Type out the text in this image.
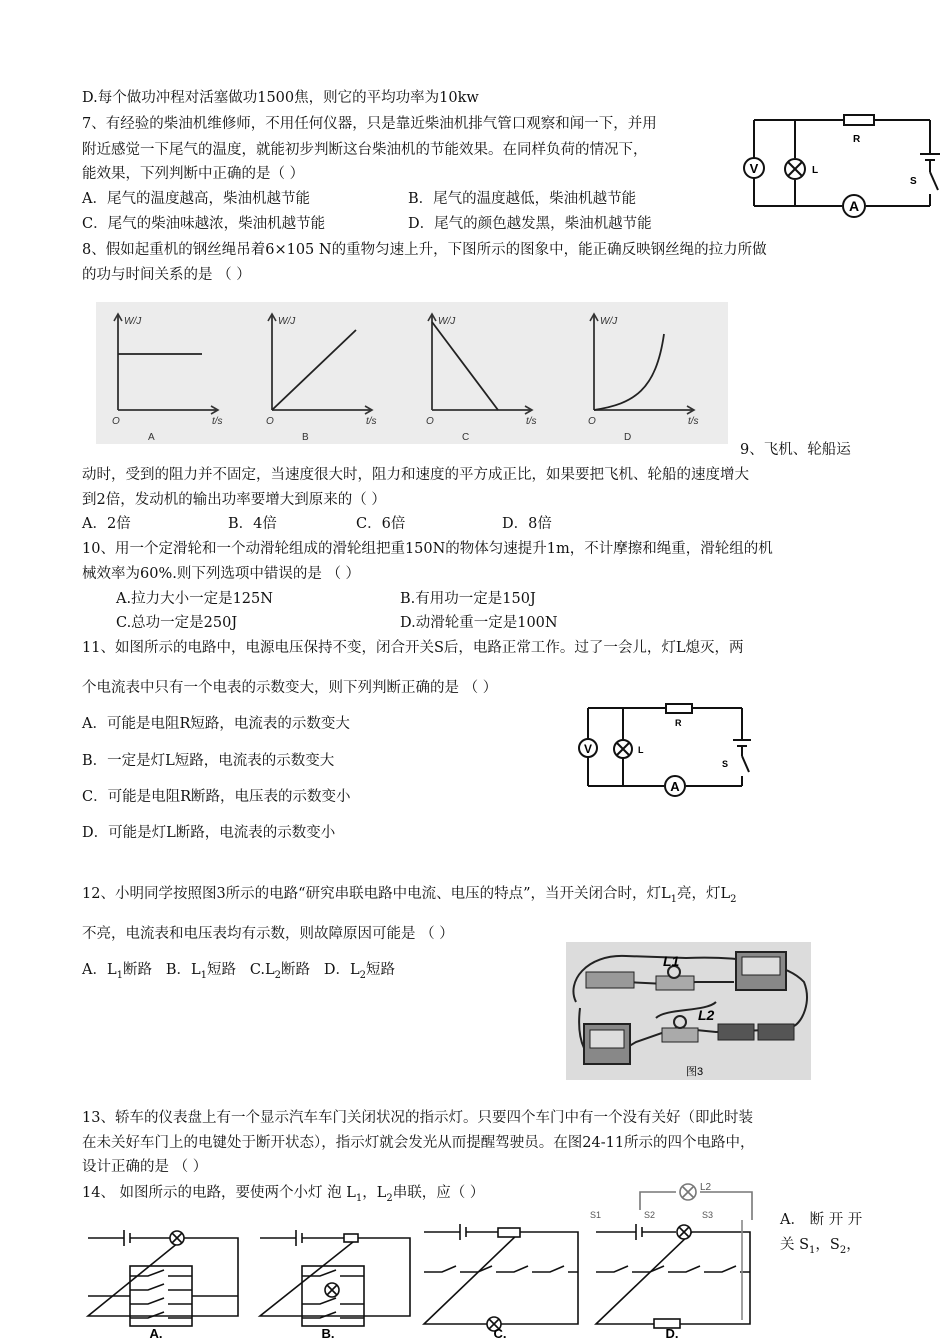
D.每个做功冲程对活塞做功1500焦，则它的平均功率为10kw
7、有经验的柴油机维修师，不用任何仪器，只是靠近柴油机排气管口观察和闻一下，并用
附近感觉一下尾气的温度，就能初步判断这台柴油机的节能效果。在同样负荷的情况下，
能效果，下列判断中正确的是（ ）
A．尾气的温度越高，柴油机越节能	B．尾气的温度越低，柴油机越节能
C．尾气的柴油味越浓，柴油机越节能	D．尾气的颜色越发黑，柴油机越节能
V
A
L
R
S
8、假如起重机的钢丝绳吊着6×105 N的重物匀速上升，下图所示的图象中，能正确反映钢丝绳的拉力所做
的功与时间关系的是 （ ）
W/J
t/s
O
A
W/J
t/s
O
B
W/J
t/s
O
C
W/J
t/s
O
D
9、飞机、轮船运
动时，受到的阻力并不固定，当速度很大时，阻力和速度的平方成正比，如果要把飞机、轮船的速度增大
到2倍，发动机的输出功率要增大到原来的（ ）
A．2倍	B．4倍	C．6倍	D．8倍
10、用一个定滑轮和一个动滑轮组成的滑轮组把重150N的物体匀速提升1m，不计摩擦和绳重，滑轮组的机
械效率为60%.则下列选项中错误的是 （ ）
A.拉力大小一定是125N	B.有用功一定是150J
C.总功一定是250J	D.动滑轮重一定是100N
11、如图所示的电路中，电源电压保持不变，闭合开关S后，电路正常工作。过了一会儿，灯L熄灭，两
个电流表中只有一个电表的示数变大，则下列判断正确的是 （ ）
A．可能是电阻R短路，电流表的示数变大
B．一定是灯L短路，电流表的示数变大
C．可能是电阻R断路，电压表的示数变小
D．可能是灯L断路，电流表的示数变小
V
A
L
R
S
12、小明同学按照图3所示的电路“研究串联电路中电流、电压的特点”，当开关闭合时，灯$L_1$亮，灯$L_2$
不亮，电流表和电压表均有示数，则故障原因可能是 （ ）
A．$L_1$断路 B．$L_1$短路 $C.L_2$断路 D．$L_2$短路
L1
L2
图3
13、轿车的仪表盘上有一个显示汽车车门关闭状况的指示灯。只要四个车门中有一个没有关好（即此时装
在未关好车门上的电键处于断开状态），指示灯就会发光从而提醒驾驶员。在图24-11所示的四个电路中，
设计正确的是 （ ）
14、 如图所示的电路，要使两个小灯 泡 $L_1$，$L_2$串联，应（ ）
A． 断 开 开
关 $S_1$，$S_2$，
A.	B.	C.	D.
L2
S1	S2	S3
